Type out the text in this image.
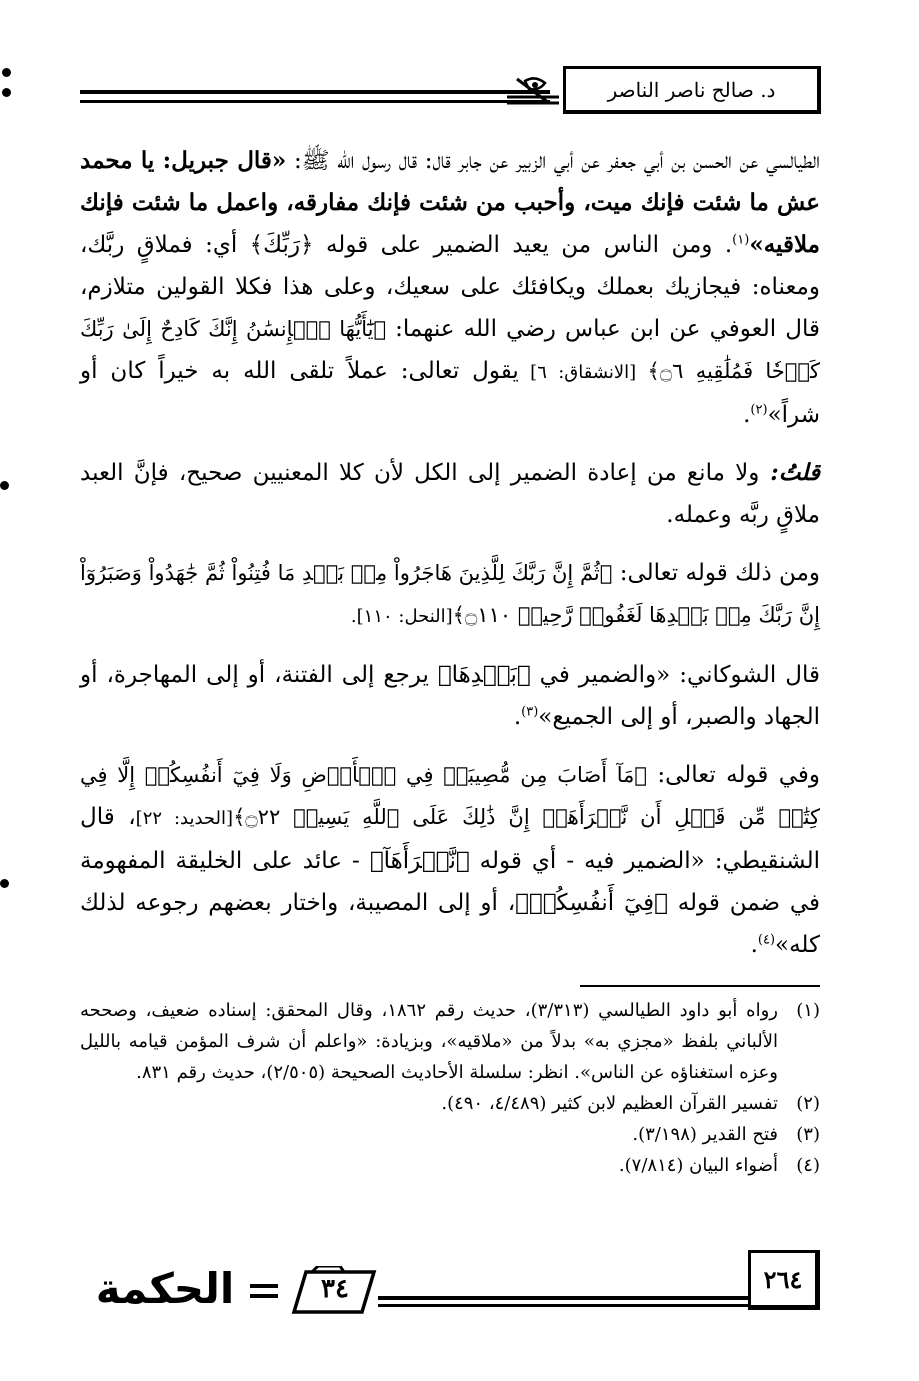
د. صالح ناصر الناصر

الطيالسي عن الحسن بن أبي جعفر عن أبي الزبير عن جابر قال: قال رسول الله ﷺ: «قال جبريل: يا محمد عش ما شئت فإنك ميت، وأحبب من شئت فإنك مفارقه، واعمل ما شئت فإنك ملاقيه»$^{(١)}$. ومن الناس من يعيد الضمير على قوله ﴿رَبِّكَ﴾ أي: فملاقٍ ربَّك، ومعناه: فيجازيك بعملك ويكافئك على سعيك، وعلى هذا فكلا القولين متلازم، قال العوفي عن ابن عباس رضي الله عنهما: ﴿يَٰٓأَيُّهَا ٱلۡإِنسَٰنُ إِنَّكَ كَادِحٌ إِلَىٰ رَبِّكَ كَدۡحٗا فَمُلَٰقِيهِ ۝٦﴾ [الانشقاق: ٦] يقول تعالى: عملاً تلقى الله به خيراً كان أو شراً»$^{(٢)}$.

قلتُ: ولا مانع من إعادة الضمير إلى الكل لأن كلا المعنيين صحيح، فإنَّ العبد ملاقٍ ربَّه وعمله.

ومن ذلك قوله تعالى: ﴿ثُمَّ إِنَّ رَبَّكَ لِلَّذِينَ هَاجَرُواْ مِنۢ بَعۡدِ مَا فُتِنُواْ ثُمَّ جَٰهَدُواْ وَصَبَرُوٓاْ إِنَّ رَبَّكَ مِنۢ بَعۡدِهَا لَغَفُورٞ رَّحِيمٞ ۝١١٠﴾[النحل: ١١٠].

قال الشوكاني: «والضمير في ﴿بَعۡدِهَا﴾ يرجع إلى الفتنة، أو إلى المهاجرة، أو الجهاد والصبر، أو إلى الجميع»$^{(٣)}$.

وفي قوله تعالى: ﴿مَآ أَصَابَ مِن مُّصِيبَةٖ فِي ٱلۡأَرۡضِ وَلَا فِيٓ أَنفُسِكُمۡ إِلَّا فِي كِتَٰبٖ مِّن قَبۡلِ أَن نَّبۡرَأَهَآۚ إِنَّ ذَٰلِكَ عَلَى ٱللَّهِ يَسِيرٞ ۝٢٢﴾[الحديد: ٢٢]، قال الشنقيطي: «الضمير فيه - أي قوله ﴿نَّبۡرَأَهَآ﴾ - عائد على الخليقة المفهومة في ضمن قوله ﴿فِيٓ أَنفُسِكُمۡ﴾، أو إلى المصيبة، واختار بعضهم رجوعه لذلك كله»$^{(٤)}$.

(١)
رواه أبو داود الطيالسي (٣/٣١٣)، حديث رقم ١٨٦٢، وقال المحقق: إسناده ضعيف، وصححه الألباني بلفظ «مجزي به» بدلاً من «ملاقيه»، وبزيادة: «واعلم أن شرف المؤمن قيامه بالليل وعزه استغناؤه عن الناس». انظر: سلسلة الأحاديث الصحيحة (٢/٥٠٥)، حديث رقم ٨٣١.
(٢)
تفسير القرآن العظيم لابن كثير (٤/٤٨٩، ٤٩٠).
(٣)
فتح القدير (٣/١٩٨).
(٤)
أضواء البيان (٧/٨١٤).
٢٦٤
٣٤
الحكمة
